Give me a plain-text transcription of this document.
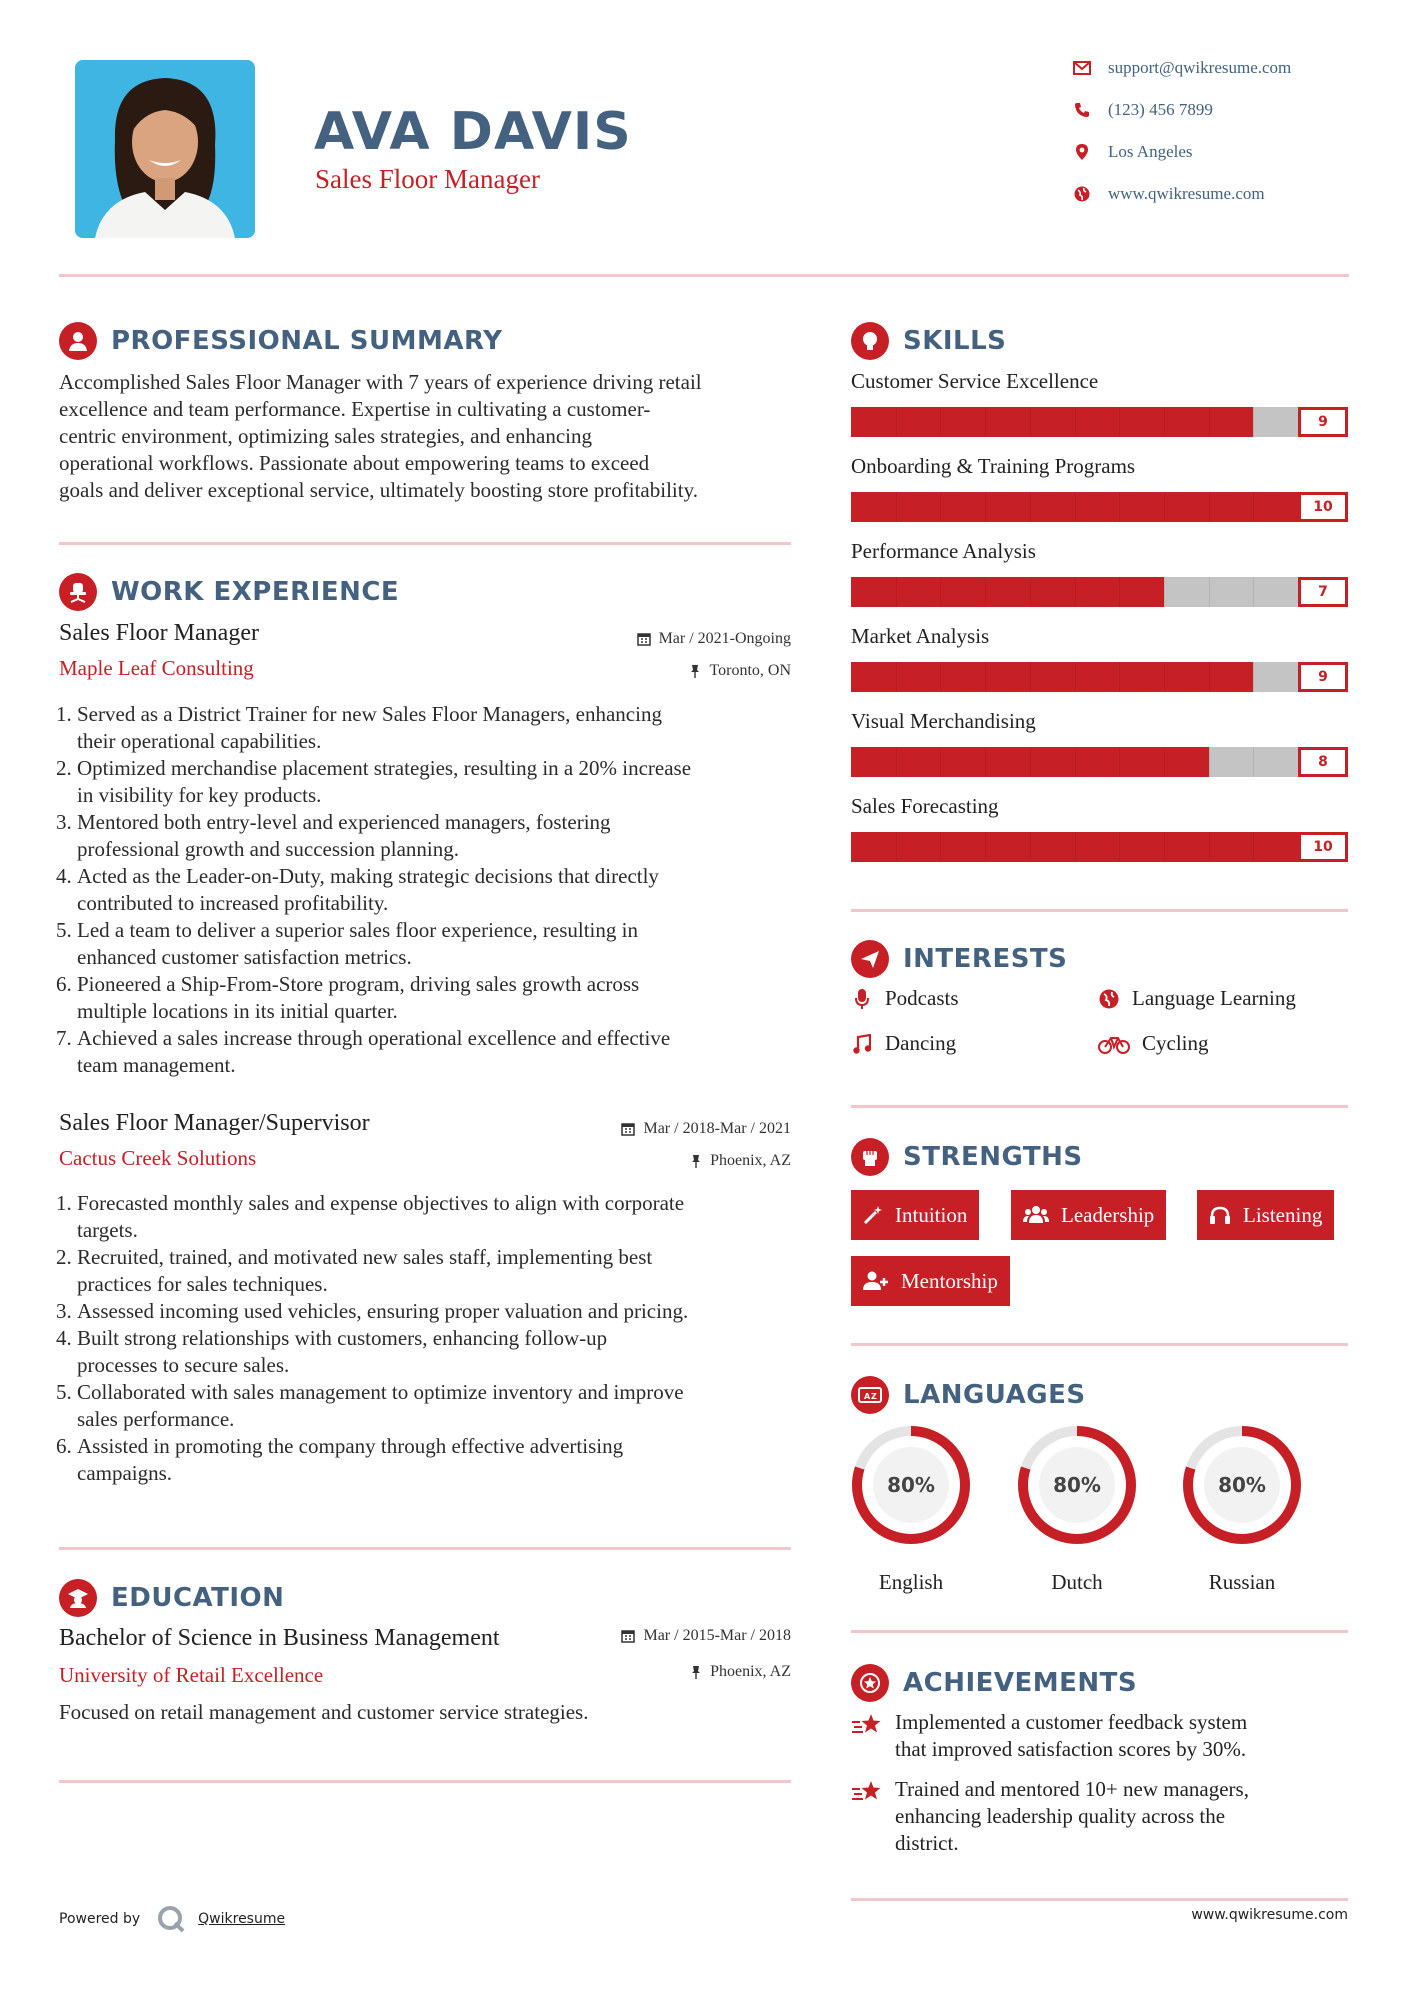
AVA DAVIS
Sales Floor Manager
support@qwikresume.com
(123) 456 7899
Los Angeles
www.qwikresume.com
PROFESSIONAL SUMMARY
Accomplished Sales Floor Manager with 7 years of experience driving retail
excellence and team performance. Expertise in cultivating a customer-
centric environment, optimizing sales strategies, and enhancing
operational workflows. Passionate about empowering teams to exceed
goals and deliver exceptional service, ultimately boosting store profitability.
WORK EXPERIENCE
Sales Floor Manager	Mar / 2021-Ongoing
Maple Leaf Consulting	Toronto, ON
1. Served as a District Trainer for new Sales Floor Managers, enhancing
their operational capabilities.
2. Optimized merchandise placement strategies, resulting in a 20% increase
in visibility for key products.
3. Mentored both entry-level and experienced managers, fostering
professional growth and succession planning.
4. Acted as the Leader-on-Duty, making strategic decisions that directly
contributed to increased profitability.
5. Led a team to deliver a superior sales floor experience, resulting in
enhanced customer satisfaction metrics.
6. Pioneered a Ship-From-Store program, driving sales growth across
multiple locations in its initial quarter.
7. Achieved a sales increase through operational excellence and effective
team management.
Sales Floor Manager/Supervisor	Mar / 2018-Mar / 2021
Cactus Creek Solutions	Phoenix, AZ
1. Forecasted monthly sales and expense objectives to align with corporate
targets.
2. Recruited, trained, and motivated new sales staff, implementing best
practices for sales techniques.
3. Assessed incoming used vehicles, ensuring proper valuation and pricing.
4. Built strong relationships with customers, enhancing follow-up
processes to secure sales.
5. Collaborated with sales management to optimize inventory and improve
sales performance.
6. Assisted in promoting the company through effective advertising
campaigns.
EDUCATION
Bachelor of Science in Business Management	Mar / 2015-Mar / 2018
University of Retail Excellence	Phoenix, AZ
Focused on retail management and customer service strategies.
SKILLS
Customer Service Excellence
9
Onboarding & Training Programs
10
Performance Analysis
7
Market Analysis
9
Visual Merchandising
8
Sales Forecasting
10
INTERESTS
Podcasts	Language Learning
Dancing	Cycling
STRENGTHS
Intuition	Leadership	Listening
Mentorship
A Z LANGUAGES
80%
English
80%
Dutch
80%
Russian
ACHIEVEMENTS
Implemented a customer feedback system
that improved satisfaction scores by 30%.
Trained and mentored 10+ new managers,
enhancing leadership quality across the
district.
Powered by	Qwikresume	www.qwikresume.com
